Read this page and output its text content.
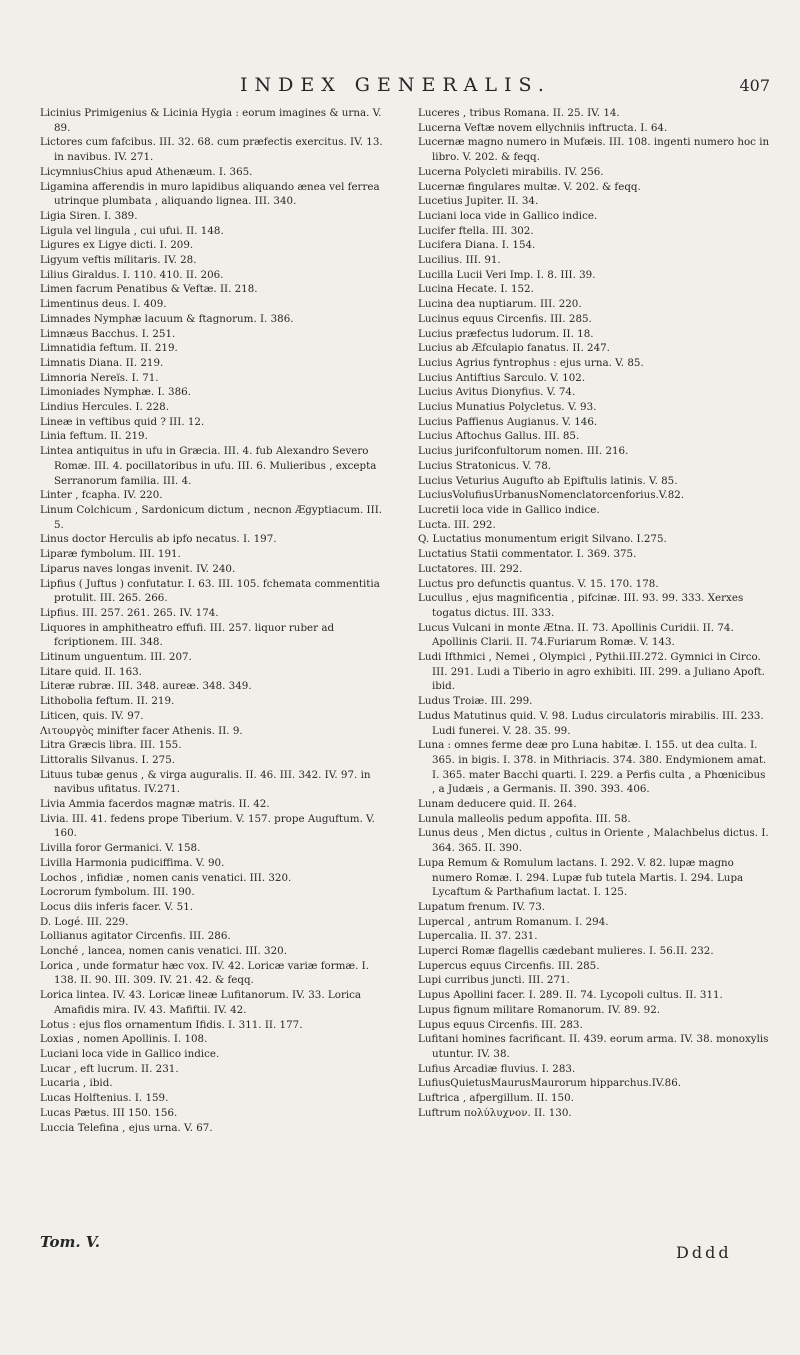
INDEX GENERALIS.	407

Licinius Primigenius & Licinia Hygia : eorum imagines & urna. V. 89.

Lictores cum fafcibus. III. 32. 68. cum præfectis exercitus. IV. 13. in navibus. IV. 271.

LicymniusChius apud Athenæum. I. 365.

Ligamina afferendis in muro lapidibus aliquando ænea vel ferrea utrinque plumbata , aliquando lignea. III. 340.

Ligia Siren. I. 389.

Ligula vel lingula , cui ufui. II. 148.

Ligures ex Ligye dicti. I. 209.

Ligyum veftis militaris. IV. 28.

Lilius Giraldus. I. 110. 410. II. 206.

Limen facrum Penatibus & Veftæ. II. 218.

Limentinus deus. I. 409.

Limnades Nymphæ lacuum & ftagnorum. I. 386.

Limnæus Bacchus. I. 251.

Limnatidia feftum. II. 219.

Limnatis Diana. II. 219.

Limnoria Nereïs. I. 71.

Limoniades Nymphæ. I. 386.

Lindius Hercules. I. 228.

Lineæ in veftibus quid ? III. 12.

Linia feftum. II. 219.

Lintea antiquitus in ufu in Græcia. III. 4. fub Alexandro Severo Romæ. III. 4. pocillatoribus in ufu. III. 6. Mulieribus , excepta Serranorum familia. III. 4.

Linter , fcapha. IV. 220.

Linum Colchicum , Sardonicum dictum , necnon Ægyptiacum. III. 5.

Linus doctor Herculis ab ipfo necatus. I. 197.

Liparæ fymbolum. III. 191.

Liparus naves longas invenit. IV. 240.

Lipfius ( Juftus ) confutatur. I. 63. III. 105. fchemata commentitia protulit. III. 265. 266.

Lipfius. III. 257. 261. 265. IV. 174.

Liquores in amphitheatro effufi. III. 257. liquor ruber ad fcriptionem. III. 348.

Litinum unguentum. III. 207.

Litare quid. II. 163.

Literæ rubræ. III. 348. aureæ. 348. 349.

Lithobolia feftum. II. 219.

Liticen, quis. IV. 97.

Λιτουργὸς minifter facer Athenis. II. 9.

Litra Græcis libra. III. 155.

Littoralis Silvanus. I. 275.

Lituus tubæ genus , & virga auguralis. II. 46. III. 342. IV. 97. in navibus ufitatus. IV.271.

Livia Ammia facerdos magnæ matris. II. 42.

Livia. III. 41. fedens prope Tiberium. V. 157. prope Auguftum. V. 160.

Livilla foror Germanici. V. 158.

Livilla Harmonia pudiciffima. V. 90.

Lochos , infidiæ , nomen canis venatici. III. 320.

Locrorum fymbolum. III. 190.

Locus diis inferis facer. V. 51.

D. Logé. III. 229.

Lollianus agitator Circenfis. III. 286.

Lonché , lancea, nomen canis venatici. III. 320.

Lorica , unde formatur hæc vox. IV. 42. Loricæ variæ formæ. I. 138. II. 90. III. 309. IV. 21. 42. & feqq.

Lorica lintea. IV. 43. Loricæ lineæ Lufitanorum. IV. 33. Lorica Amafidis mira. IV. 43. Mafiftii. IV. 42.

Lotus : ejus flos ornamentum Ifidis. I. 311. II. 177.

Loxias , nomen Apollinis. I. 108.

Luciani loca vide in Gallico indice.

Lucar , eft lucrum. II. 231.

Lucaria , ibid.

Lucas Holftenius. I. 159.

Lucas Pætus. III 150. 156.

Luccia Telefina , ejus urna. V. 67.

Luceres , tribus Romana. II. 25. IV. 14.

Lucerna Veftæ novem ellychniis inftructa. I. 64.

Lucernæ magno numero in Mufæis. III. 108. ingenti numero hoc in libro. V. 202. & feqq.

Lucerna Polycleti mirabilis. IV. 256.

Lucernæ fingulares multæ. V. 202. & feqq.

Lucetius Jupiter. II. 34.

Luciani loca vide in Gallico indice.

Lucifer ftella. III. 302.

Lucifera Diana. I. 154.

Lucilius. III. 91.

Lucilla Lucii Veri Imp. I. 8. III. 39.

Lucina Hecate. I. 152.

Lucina dea nuptiarum. III. 220.

Lucinus equus Circenfis. III. 285.

Lucius præfectus ludorum. II. 18.

Lucius ab Æfculapio fanatus. II. 247.

Lucius Agrius fyntrophus : ejus urna. V. 85.

Lucius Antiftius Sarculo. V. 102.

Lucius Avitus Dionyfius. V. 74.

Lucius Munatius Polycletus. V. 93.

Lucius Paffienus Augianus. V. 146.

Lucius Aftochus Gallus. III. 85.

Lucius jurifconfultorum nomen. III. 216.

Lucius Stratonicus. V. 78.

Lucius Veturius Augufto ab Epiftulis latinis. V. 85.

LuciusVolufiusUrbanusNomenclatorcenforius.V.82.

Lucretii loca vide in Gallico indice.

Lucta. III. 292.

Q. Luctatius monumentum erigit Silvano. I.275.

Luctatius Statii commentator. I. 369. 375.

Luctatores. III. 292.

Luctus pro defunctis quantus. V. 15. 170. 178.

Lucullus , ejus magnificentia , pifcinæ. III. 93. 99. 333. Xerxes togatus dictus. III. 333.

Lucus Vulcani in monte Ætna. II. 73. Apollinis Curidii. II. 74. Apollinis Clarii. II. 74.Furiarum Romæ. V. 143.

Ludi Ifthmici , Nemei , Olympici , Pythii.III.272. Gymnici in Circo. III. 291. Ludi a Tiberio in agro exhibiti. III. 299. a Juliano Apoft. ibid.

Ludus Troiæ. III. 299.

Ludus Matutinus quid. V. 98. Ludus circulatoris mirabilis. III. 233. Ludi funerei. V. 28. 35. 99.

Luna : omnes ferme deæ pro Luna habitæ. I. 155. ut dea culta. I. 365. in bigis. I. 378. in Mithriacis. 374. 380. Endymionem amat. I. 365. mater Bacchi quarti. I. 229. a Perfis culta , a Phœnicibus , a Judæis , a Germanis. II. 390. 393. 406.

Lunam deducere quid. II. 264.

Lunula malleolis pedum appofita. III. 58.

Lunus deus , Men dictus , cultus in Oriente , Malachbelus dictus. I. 364. 365. II. 390.

Lupa Remum & Romulum lactans. I. 292. V. 82. lupæ magno numero Romæ. I. 294. Lupæ fub tutela Martis. I. 294. Lupa Lycaftum & Parthafium lactat. I. 125.

Lupatum frenum. IV. 73.

Lupercal , antrum Romanum. I. 294.

Lupercalia. II. 37. 231.

Luperci Romæ flagellis cædebant mulieres. I. 56.II. 232.

Lupercus equus Circenfis. III. 285.

Lupi curribus juncti. III. 271.

Lupus Apollini facer. I. 289. II. 74. Lycopoli cultus. II. 311.

Lupus fignum militare Romanorum. IV. 89. 92.

Lupus equus Circenfis. III. 283.

Lufitani homines facrificant. II. 439. eorum arma. IV. 38. monoxylis utuntur. IV. 38.

Lufius Arcadiæ fluvius. I. 283.

LufiusQuietusMaurusMaurorum hipparchus.IV.86.

Luftrica , afpergillum. II. 150.

Luftrum πολύλυχνον. II. 130.

Tom. V.
Dddd
